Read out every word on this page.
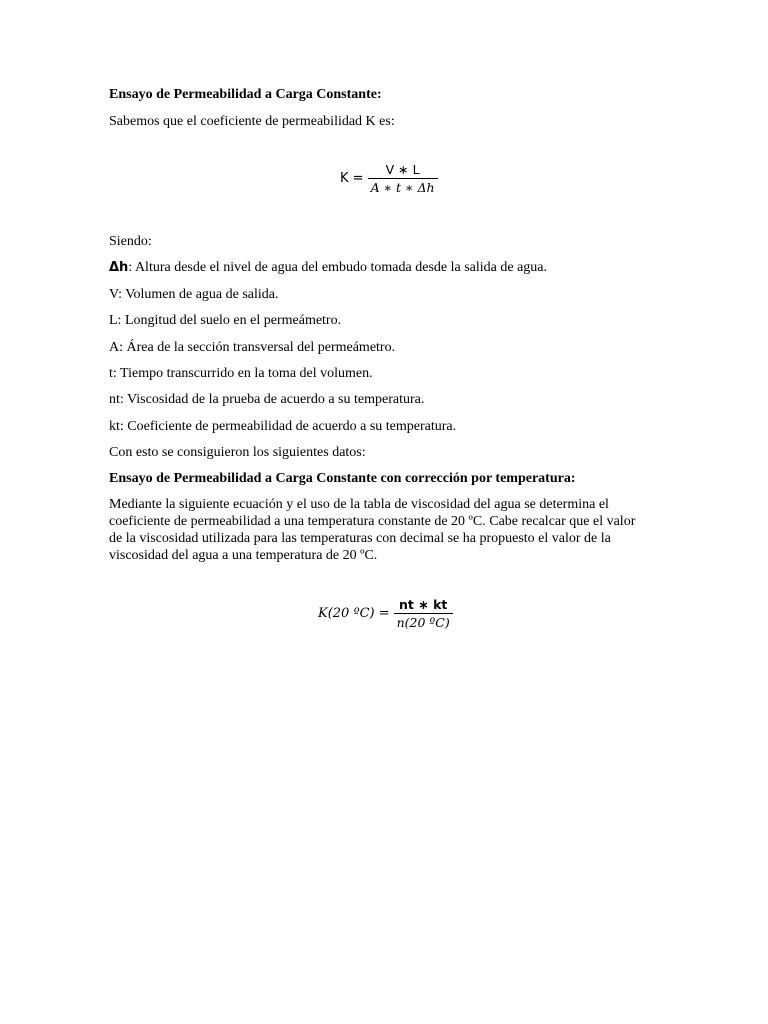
Ensayo de Permeabilidad a Carga Constante:
Sabemos que el coeficiente de permeabilidad K es:
$K = \frac{V ∗ L}{A ∗ t ∗ \Delta h}$
Siendo:
Δh: Altura desde el nivel de agua del embudo tomada desde la salida de agua.
V: Volumen de agua de salida.
L: Longitud del suelo en el permeámetro.
A: Área de la sección transversal del permeámetro.
t: Tiempo transcurrido en la toma del volumen.
nt: Viscosidad de la prueba de acuerdo a su temperatura.
kt: Coeficiente de permeabilidad de acuerdo a su temperatura.
Con esto se consiguieron los siguientes datos:
Ensayo de Permeabilidad a Carga Constante con corrección por temperatura:
Mediante la siguiente ecuación y el uso de la tabla de viscosidad del agua se determina el
coeficiente de permeabilidad a una temperatura constante de 20 ºC. Cabe recalcar que el valor
de la viscosidad utilizada para las temperaturas con decimal se ha propuesto el valor de la
viscosidad del agua a una temperatura de 20 ºC.
K(20 ºC) = $\frac{nt ∗ kt}{\text{n(20 ºC)}}$
